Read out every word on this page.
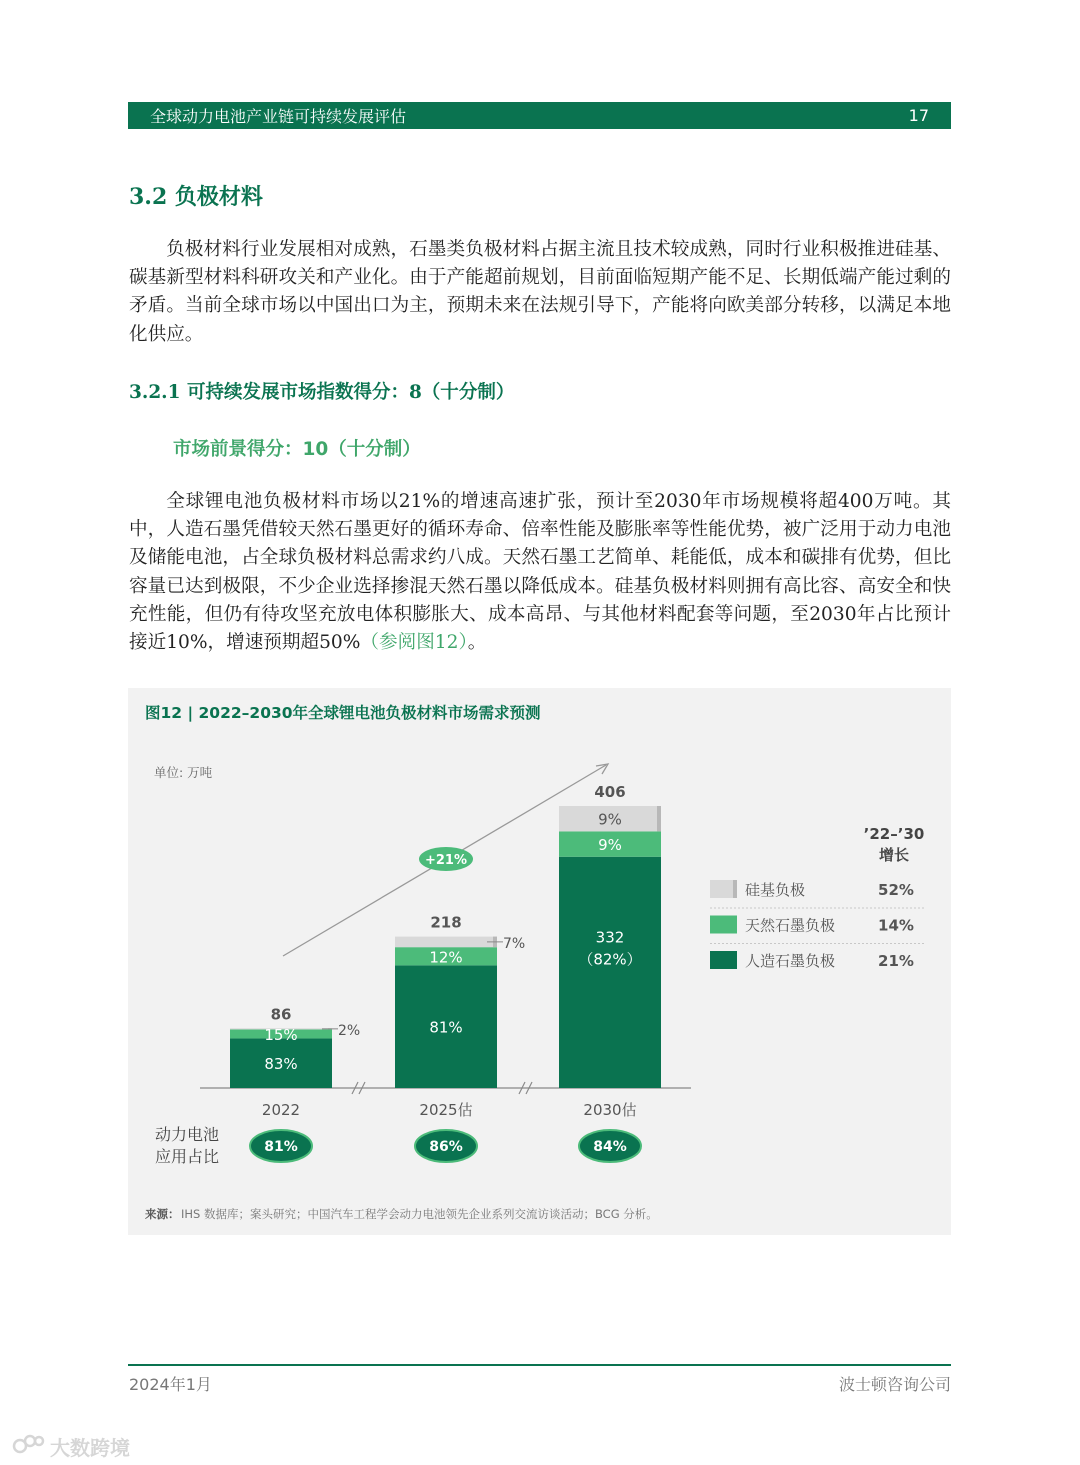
全球动力电池产业链可持续发展评估	17
3.2 负极材料

负极材料行业发展相对成熟，石墨类负极材料占据主流且技术较成熟，同时行业积极推进硅基、碳基新型材料科研攻关和产业化。由于产能超前规划，目前面临短期产能不足、长期低端产能过剩的矛盾。当前全球市场以中国出口为主，预期未来在法规引导下，产能将向欧美部分转移，以满足本地化供应。

3.2.1 可持续发展市场指数得分：8（十分制）
市场前景得分：10（十分制）

全球锂电池负极材料市场以21%的增速高速扩张，预计至2030年市场规模将超400万吨。其中，人造石墨凭借较天然石墨更好的循环寿命、倍率性能及膨胀率等性能优势，被广泛用于动力电池及储能电池，占全球负极材料总需求约八成。天然石墨工艺简单、耗能低，成本和碳排有优势，但比容量已达到极限，不少企业选择掺混天然石墨以降低成本。硅基负极材料则拥有高比容、高安全和快充性能，但仍有待攻坚充放电体积膨胀大、成本高昂、与其他材料配套等问题，至2030年占比预计接近10%，增速预期超50%（参阅图12）。

图12 | 2022–2030年全球锂电池负极材料市场需求预测
单位: 万吨
+21%
86
83%
15%	2%
2022
81%
218
81%
12%
7%
2025估
86%
406
332 （82%）
9%
9%
2030估
84%
动力电池应用占比
’22–’30 增长
硅基负极	52%
天然石墨负极	14%
人造石墨负极	21%
来源： IHS 数据库；案头研究；中国汽车工程学会动力电池领先企业系列交流访谈活动；BCG 分析。
2024年1月	波士顿咨询公司
大数跨境
